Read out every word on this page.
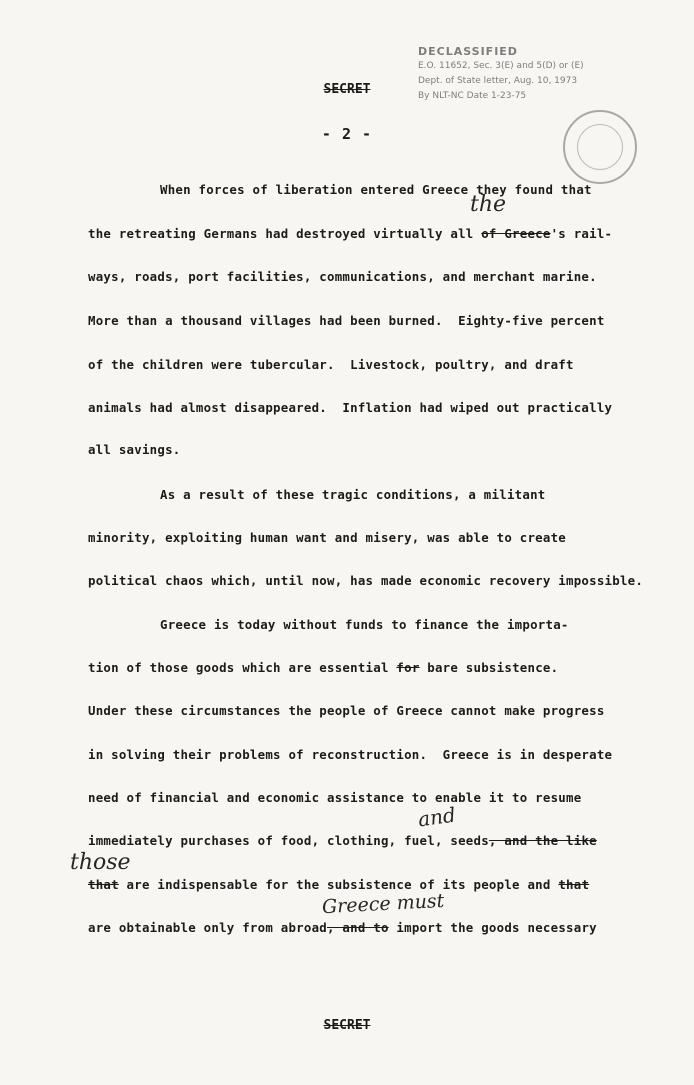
DECLASSIFIED
E.O. 11652, Sec. 3(E) and 5(D) or (E)
Dept. of State letter, Aug. 10, 1973
By NLT-NC Date 1-23-75
SECRET
- 2 -
When forces of liberation entered Greece they found that
the retreating Germans had destroyed virtually all of Greece's rail-
ways, roads, port facilities, communications, and merchant marine.
More than a thousand villages had been burned.  Eighty-five percent
of the children were tubercular.  Livestock, poultry, and draft
animals had almost disappeared.  Inflation had wiped out practically
all savings.
As a result of these tragic conditions, a militant
minority, exploiting human want and misery, was able to create
political chaos which, until now, has made economic recovery impossible.
Greece is today without funds to finance the importa-
tion of those goods which are essential for bare subsistence.
Under these circumstances the people of Greece cannot make progress
in solving their problems of reconstruction.  Greece is in desperate
need of financial and economic assistance to enable it to resume
immediately purchases of food, clothing, fuel, seeds, and the like
that are indispensable for the subsistence of its people and that
are obtainable only from abroad, and to import the goods necessary
the
and
those
Greece must
SECRET
